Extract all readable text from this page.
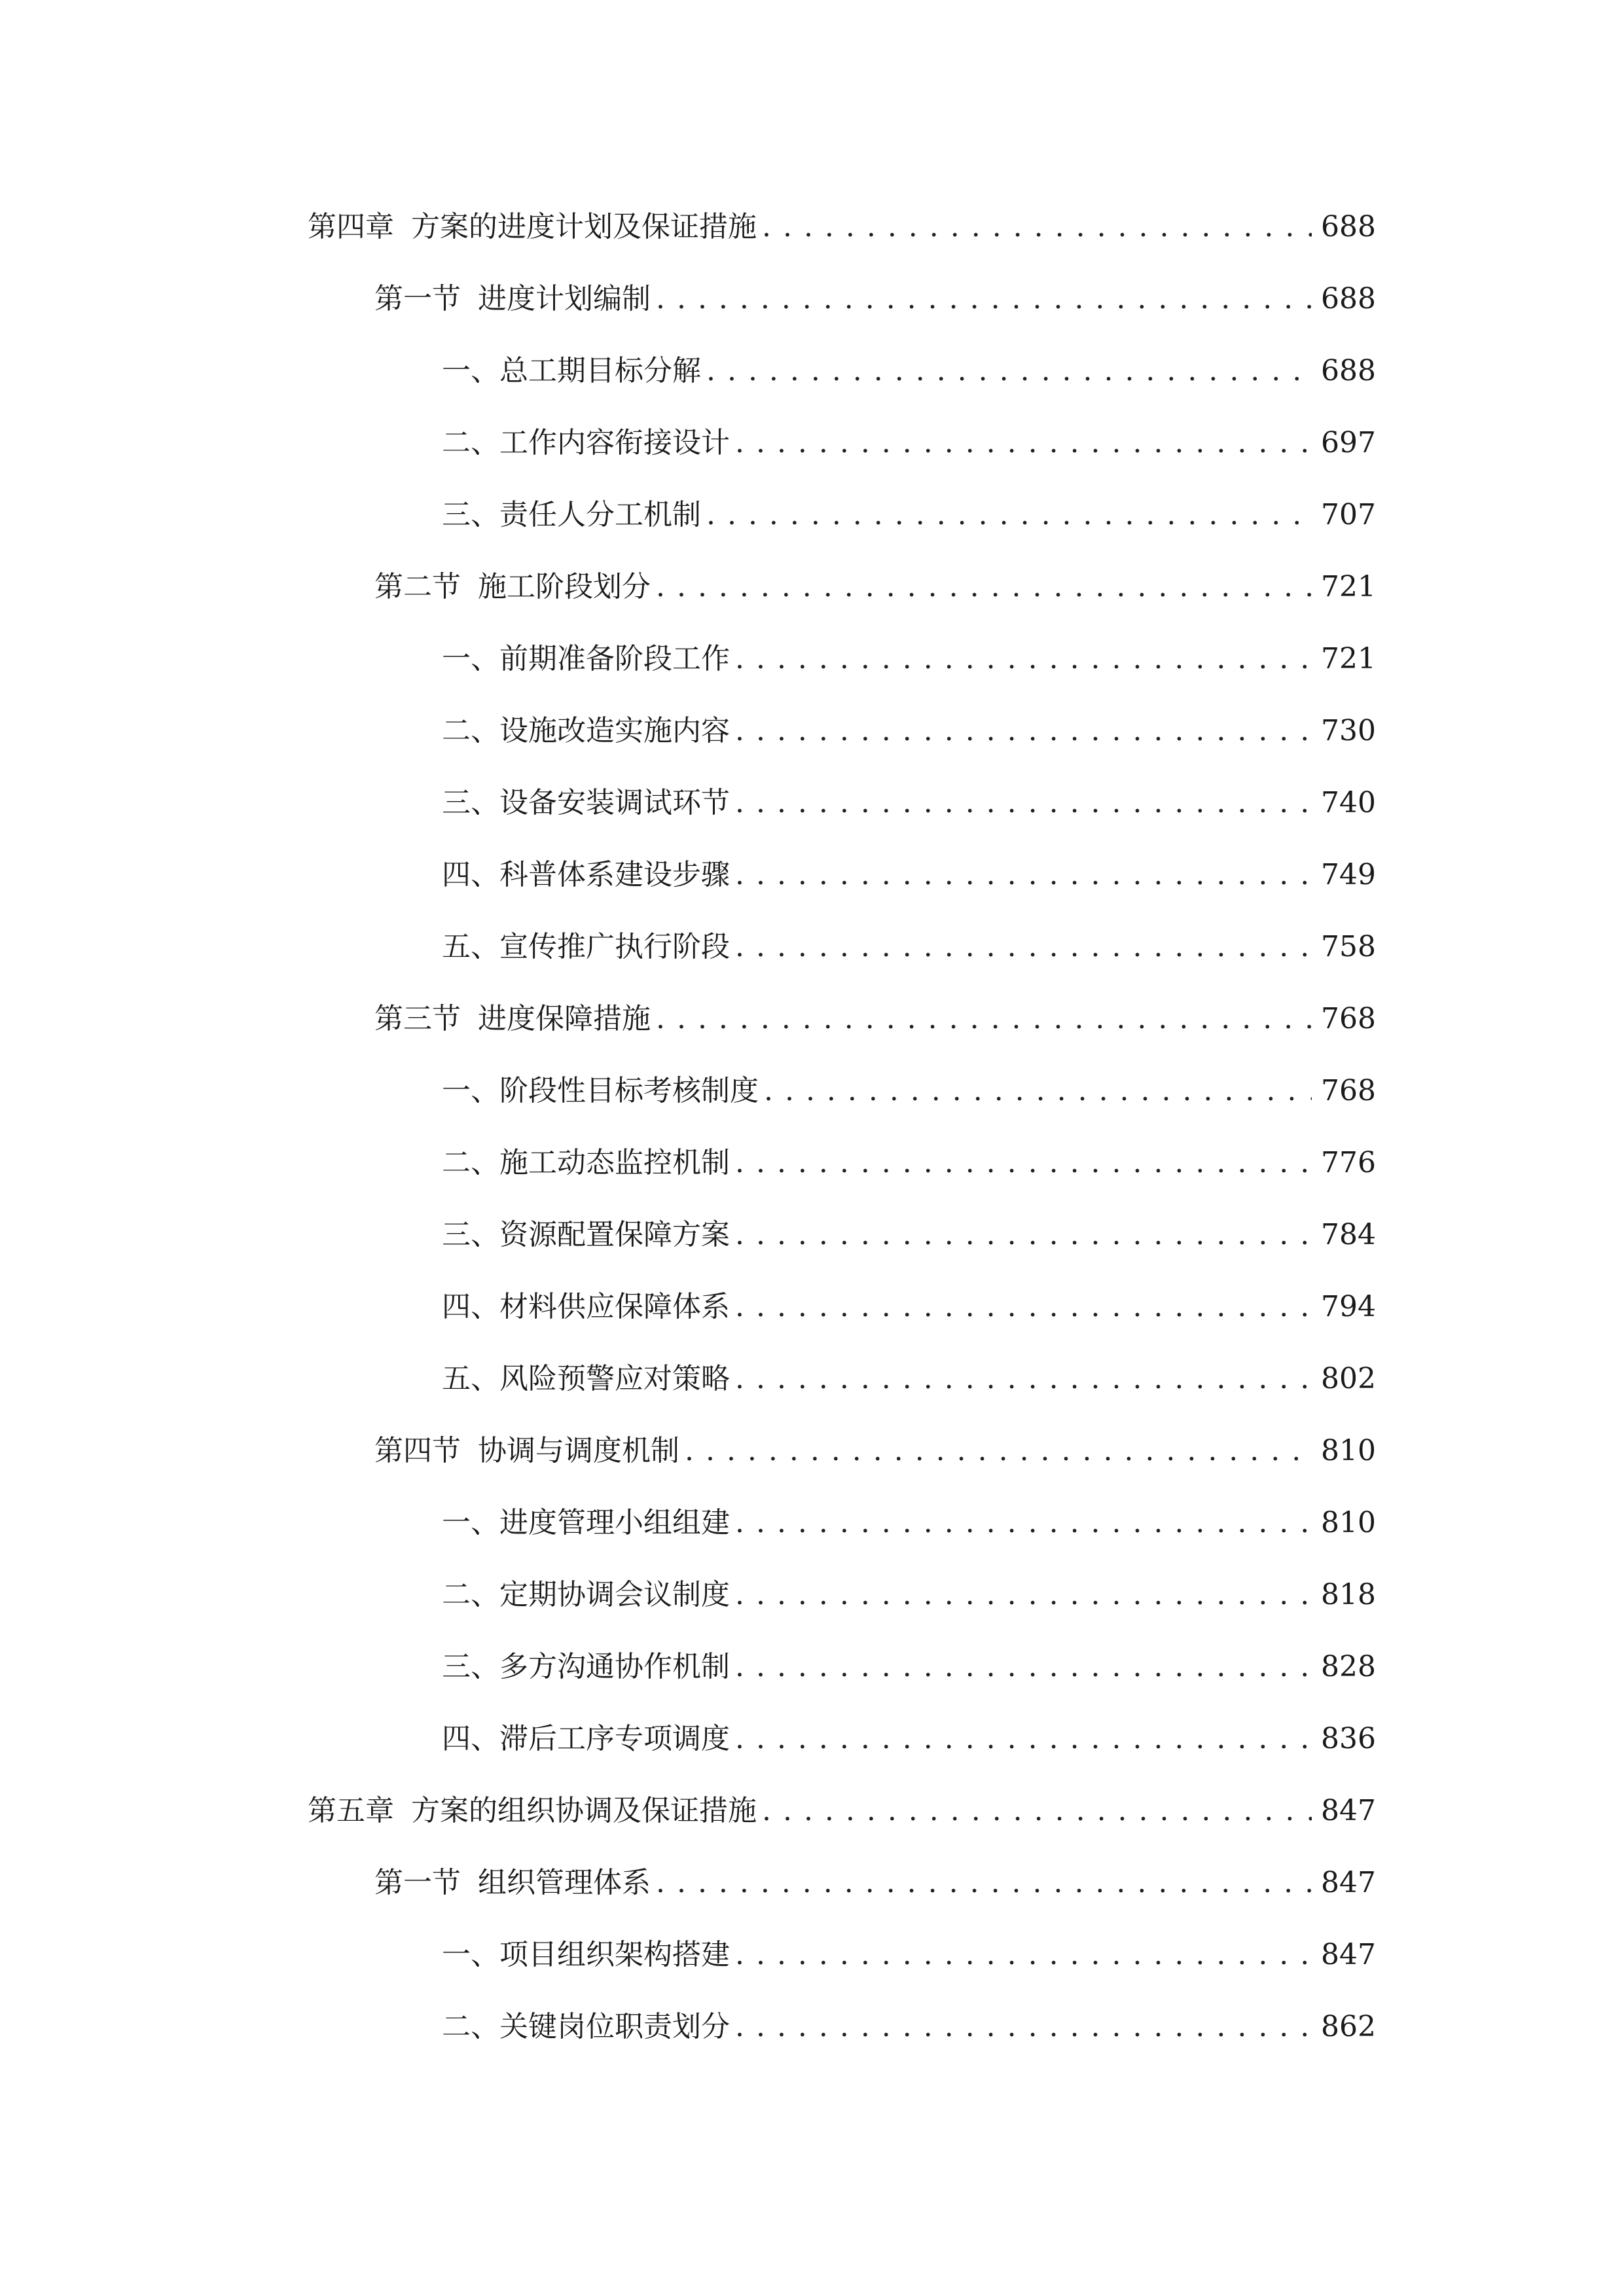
第四章 方案的进度计划及保证措施 . . .	688
第一节 进度计划编制 . . .	688
一、 总工期目标分解 . . .	688
二、 工作内容衔接设计 . . .	697
三、 责任人分工机制 . . .	707
第二节 施工阶段划分 . . .	721
一、 前期准备阶段工作 . . .	721
二、 设施改造实施内容 . . .	730
三、 设备安装调试环节 . . .	740
四、 科普体系建设步骤 . . .	749
五、 宣传推广执行阶段 . . .	758
第三节 进度保障措施 . . .	768
一、 阶段性目标考核制度 . . .	768
二、 施工动态监控机制 . . .	776
三、 资源配置保障方案 . . .	784
四、 材料供应保障体系 . . .	794
五、 风险预警应对策略 . . .	802
第四节 协调与调度机制 . . .	810
一、 进度管理小组组建 . . .	810
二、 定期协调会议制度 . . .	818
三、 多方沟通协作机制 . . .	828
四、 滞后工序专项调度 . . .	836
第五章 方案的组织协调及保证措施 . . .	847
第一节 组织管理体系 . . .	847
一、 项目组织架构搭建 . . .	847
二、 关键岗位职责划分 . . .	862
